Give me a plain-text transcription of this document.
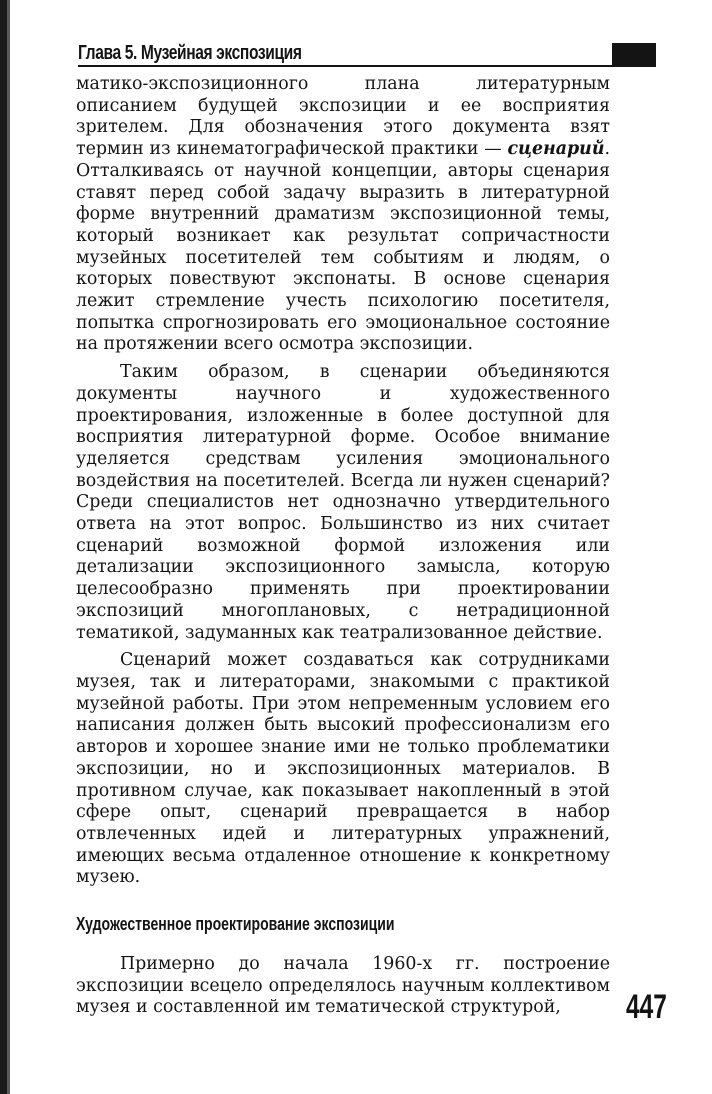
Глава 5. Музейная экспозиция

матико-экспозиционного плана литературным описанием будущей экспозиции и ее восприятия зрителем. Для обозначения этого документа взят термин из кинематографической практики — сценарий. Отталкиваясь от научной концепции, авторы сценария ставят перед собой задачу выразить в литературной форме внутренний драматизм экспозиционной темы, который возникает как результат сопричастности музейных посетителей тем событиям и людям, о которых повествуют экспонаты. В основе сценария лежит стремление учесть психологию посетителя, попытка спрогнозировать его эмоциональное состояние на протяжении всего осмотра экспозиции.

Таким образом, в сценарии объединяются документы научного и художественного проектирования, изложенные в более доступной для восприятия литературной форме. Особое внимание уделяется средствам усиления эмоционального воздействия на посетителей. Всегда ли нужен сценарий? Среди специалистов нет однозначно утвердительного ответа на этот вопрос. Большинство из них считает сценарий возможной формой изложения или детализации экспозиционного замысла, которую целесообразно применять при проектировании экспозиций многоплановых, с нетрадиционной тематикой, задуманных как театрализованное действие.

Сценарий может создаваться как сотрудниками музея, так и литераторами, знакомыми с практикой музейной работы. При этом непременным условием его написания должен быть высокий профессионализм его авторов и хорошее знание ими не только проблематики экспозиции, но и экспозиционных материалов. В противном случае, как показывает накопленный в этой сфере опыт, сценарий превращается в набор отвлеченных идей и литературных упражнений, имеющих весьма отдаленное отношение к конкретному музею.

Художественное проектирование экспозиции

Примерно до начала 1960-х гг. построение экспозиции всецело определялось научным коллективом музея и составленной им тематической структурой,	447
